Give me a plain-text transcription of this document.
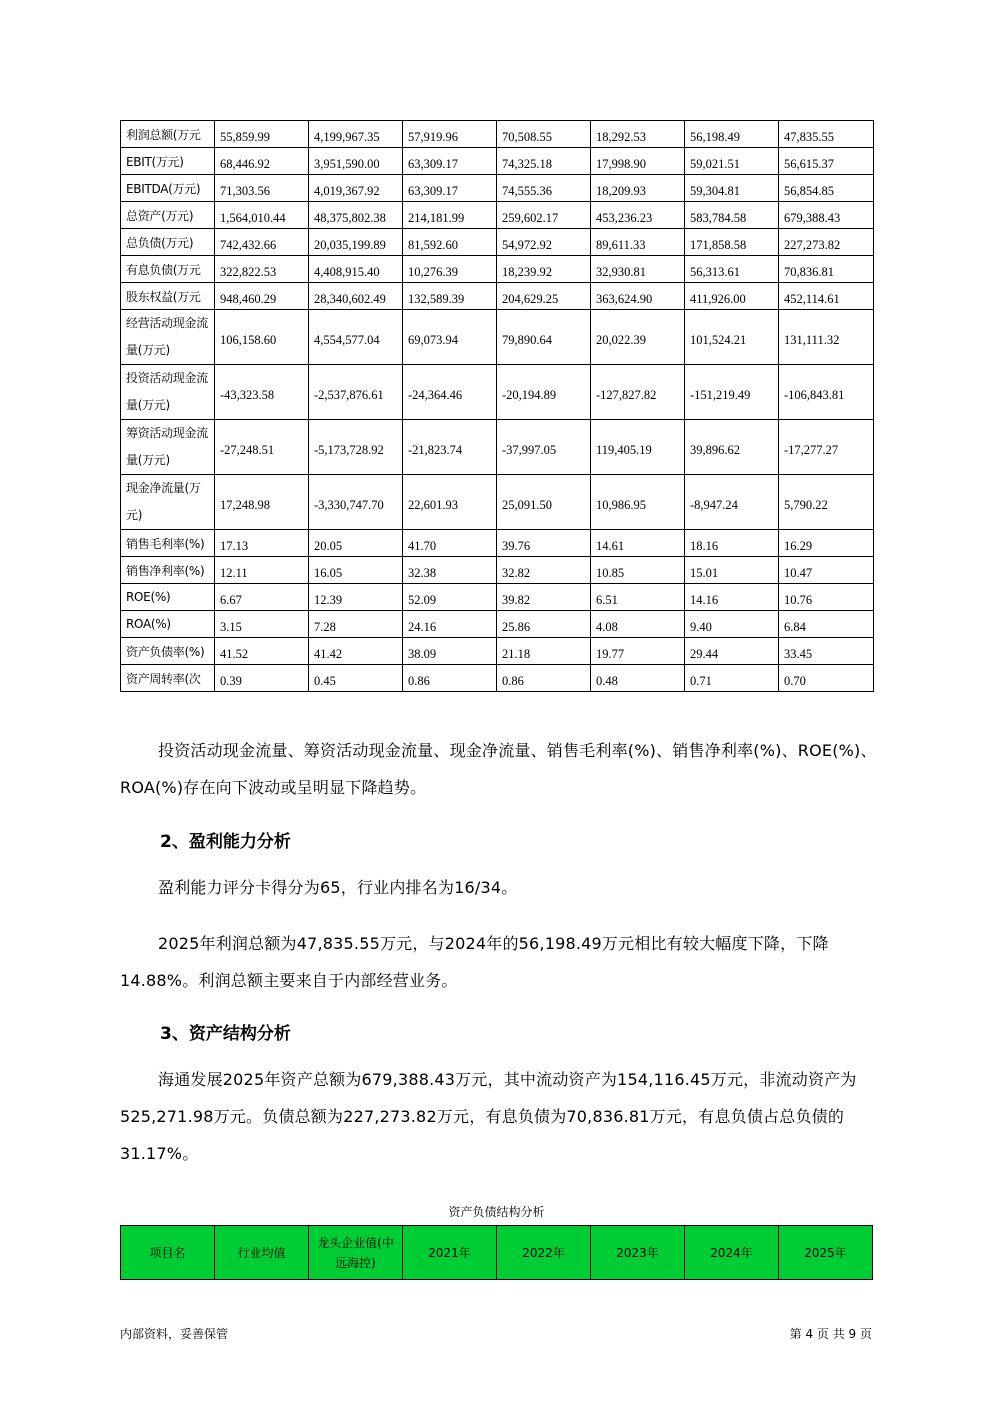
利润总额(万元	55,859.99	4,199,967.35	57,919.96	70,508.55	18,292.53	56,198.49	47,835.55
EBIT(万元)	68,446.92	3,951,590.00	63,309.17	74,325.18	17,998.90	59,021.51	56,615.37
EBITDA(万元)	71,303.56	4,019,367.92	63,309.17	74,555.36	18,209.93	59,304.81	56,854.85
总资产(万元)	1,564,010.44	48,375,802.38	214,181.99	259,602.17	453,236.23	583,784.58	679,388.43
总负债(万元)	742,432.66	20,035,199.89	81,592.60	54,972.92	89,611.33	171,858.58	227,273.82
有息负债(万元	322,822.53	4,408,915.40	10,276.39	18,239.92	32,930.81	56,313.61	70,836.81
股东权益(万元	948,460.29	28,340,602.49	132,589.39	204,629.25	363,624.90	411,926.00	452,114.61
经营活动现金流量(万元)	106,158.60	4,554,577.04	69,073.94	79,890.64	20,022.39	101,524.21	131,111.32
投资活动现金流量(万元)	-43,323.58	-2,537,876.61	-24,364.46	-20,194.89	-127,827.82	-151,219.49	-106,843.81
筹资活动现金流量(万元)	-27,248.51	-5,173,728.92	-21,823.74	-37,997.05	119,405.19	39,896.62	-17,277.27
现金净流量(万元)	17,248.98	-3,330,747.70	22,601.93	25,091.50	10,986.95	-8,947.24	5,790.22
销售毛利率(%)	17.13	20.05	41.70	39.76	14.61	18.16	16.29
销售净利率(%)	12.11	16.05	32.38	32.82	10.85	15.01	10.47
ROE(%)	6.67	12.39	52.09	39.82	6.51	14.16	10.76
ROA(%)	3.15	7.28	24.16	25.86	4.08	9.40	6.84
资产负债率(%)	41.52	41.42	38.09	21.18	19.77	29.44	33.45
资产周转率(次	0.39	0.45	0.86	0.86	0.48	0.71	0.70
投资活动现金流量、筹资活动现金流量、现金净流量、销售毛利率(%)、销售净利率(%)、ROE(%)、ROA(%)存在向下波动或呈明显下降趋势。
2、盈利能力分析
盈利能力评分卡得分为65，行业内排名为16/34。
2025年利润总额为47,835.55万元，与2024年的56,198.49万元相比有较大幅度下降，下降14.88%。利润总额主要来自于内部经营业务。
3、资产结构分析
海通发展2025年资产总额为679,388.43万元，其中流动资产为154,116.45万元，非流动资产为525,271.98万元。负债总额为227,273.82万元，有息负债为70,836.81万元，有息负债占总负债的31.17%。
资产负债结构分析
项目名	行业均值	龙头企业值(中远海控)	2021年	2022年	2023年	2024年	2025年
内部资料，妥善保管	第 4 页 共 9 页
